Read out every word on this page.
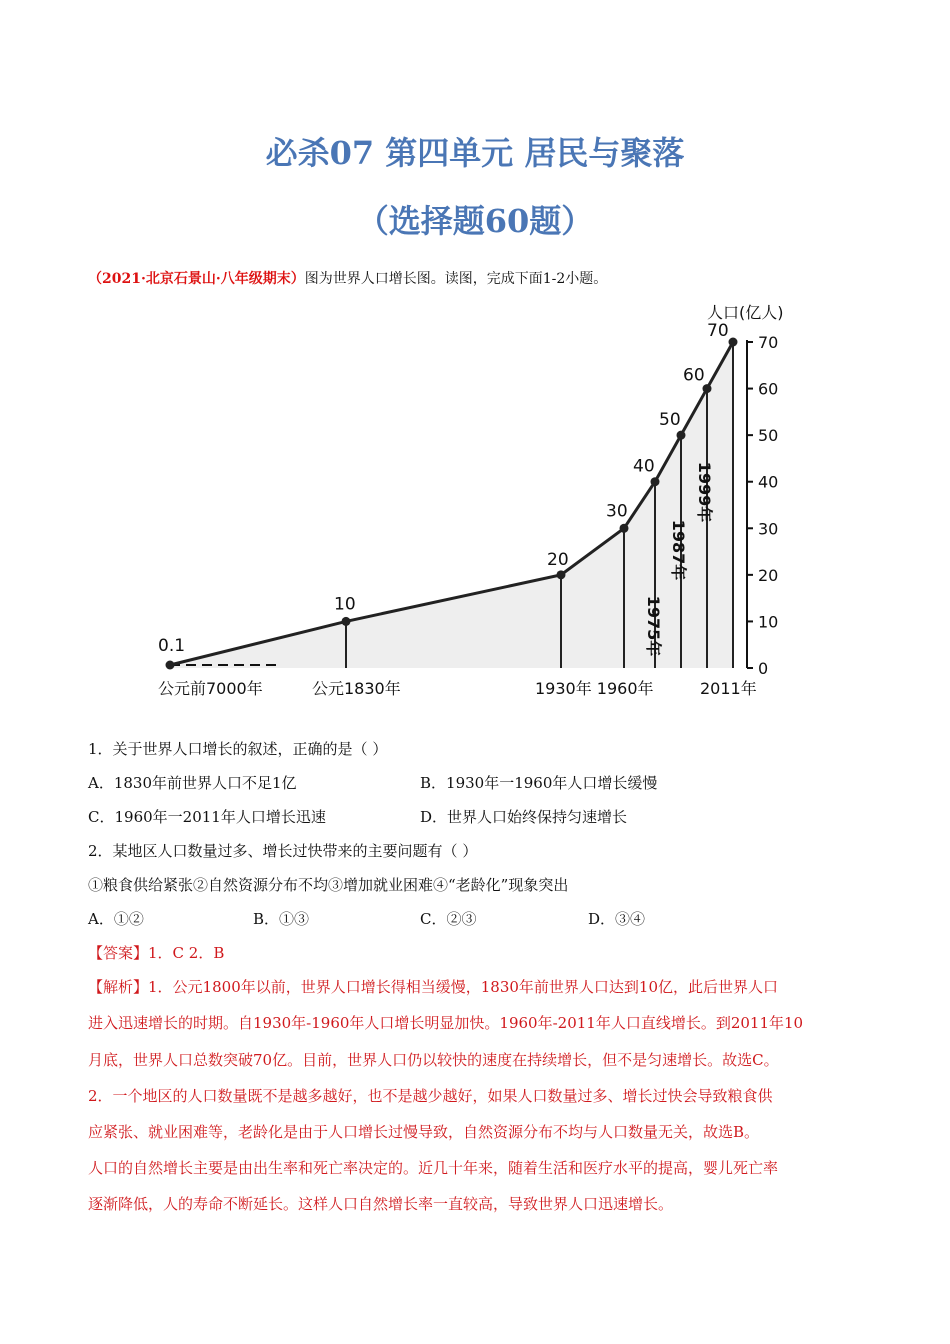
必杀07 第四单元 居民与聚落
（选择题60题）
（2021·北京石景山·八年级期末）图为世界人口增长图。读图，完成下面1-2小题。
人口(亿人)
70
60
50
40
30
20
10
0
0.1
10
20
30
40
50
60
70
1975年
1987年
1999年
公元前7000年	公元1830年	1930年 1960年	2011年
1．关于世界人口增长的叙述，正确的是（ ）
A．1830年前世界人口不足1亿	B．1930年一1960年人口增长缓慢
C．1960年一2011年人口增长迅速	D．世界人口始终保持匀速增长
2．某地区人口数量过多、增长过快带来的主要问题有（ ）
①粮食供给紧张②自然资源分布不均③增加就业困难④“老龄化”现象突出
A．①②	B．①③	C．②③	D．③④
【答案】1．C 2．B
【解析】1．公元1800年以前，世界人口增长得相当缓慢，1830年前世界人口达到10亿，此后世界人口
进入迅速增长的时期。自1930年-1960年人口增长明显加快。1960年-2011年人口直线增长。到2011年10
月底，世界人口总数突破70亿。目前，世界人口仍以较快的速度在持续增长，但不是匀速增长。故选C。
2．一个地区的人口数量既不是越多越好，也不是越少越好，如果人口数量过多、增长过快会导致粮食供
应紧张、就业困难等，老龄化是由于人口增长过慢导致，自然资源分布不均与人口数量无关，故选B。
人口的自然增长主要是由出生率和死亡率决定的。近几十年来，随着生活和医疗水平的提高，婴儿死亡率
逐渐降低，人的寿命不断延长。这样人口自然增长率一直较高，导致世界人口迅速增长。
